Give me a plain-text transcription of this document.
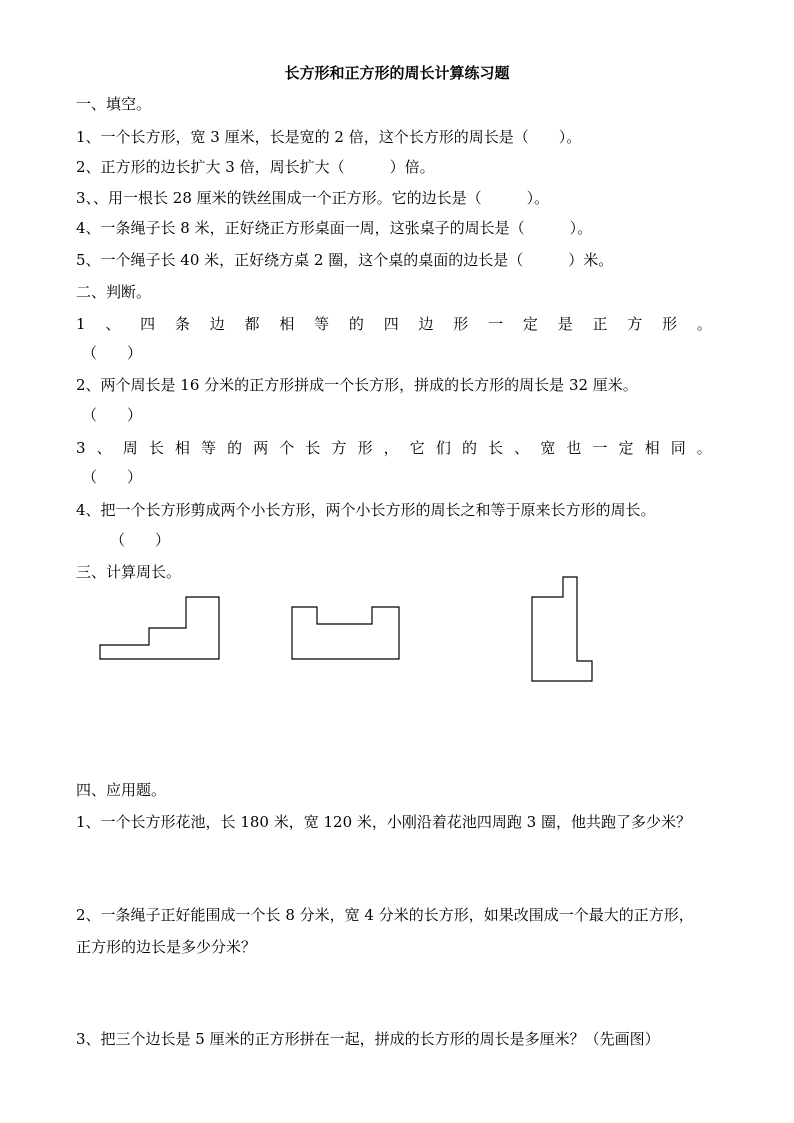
长方形和正方形的周长计算练习题
一、填空。
1、一个长方形，宽 3 厘米，长是宽的 2 倍，这个长方形的周长是（　　）。
2、正方形的边长扩大 3 倍，周长扩大（　　　）倍。
3、、用一根长 28 厘米的铁丝围成一个正方形。它的边长是（　　　）。
4、一条绳子长 8 米，正好绕正方形桌面一周，这张桌子的周长是（　　　）。
5、一个绳子长 40 米，正好绕方桌 2 圈，这个桌的桌面的边长是（　　　）米。
二、判断。
1 、 四 条 边 都 相 等 的 四 边 形 一 定 是 正 方 形 。
（　　）
2、两个周长是 16 分米的正方形拼成一个长方形，拼成的长方形的周长是 32 厘米。
（　　）
3 、 周 长 相 等 的 两 个 长 方 形 ， 它 们 的 长 、 宽 也 一 定 相 同 。
（　　）
4、把一个长方形剪成两个小长方形，两个小长方形的周长之和等于原来长方形的周长。
（　　）
三、计算周长。
四、应用题。
1、一个长方形花池，长 180 米，宽 120 米，小刚沿着花池四周跑 3 圈，他共跑了多少米？
2、一条绳子正好能围成一个长 8 分米，宽 4 分米的长方形，如果改围成一个最大的正方形，
正方形的边长是多少分米？
3、把三个边长是 5 厘米的正方形拼在一起，拼成的长方形的周长是多厘米？（先画图）
